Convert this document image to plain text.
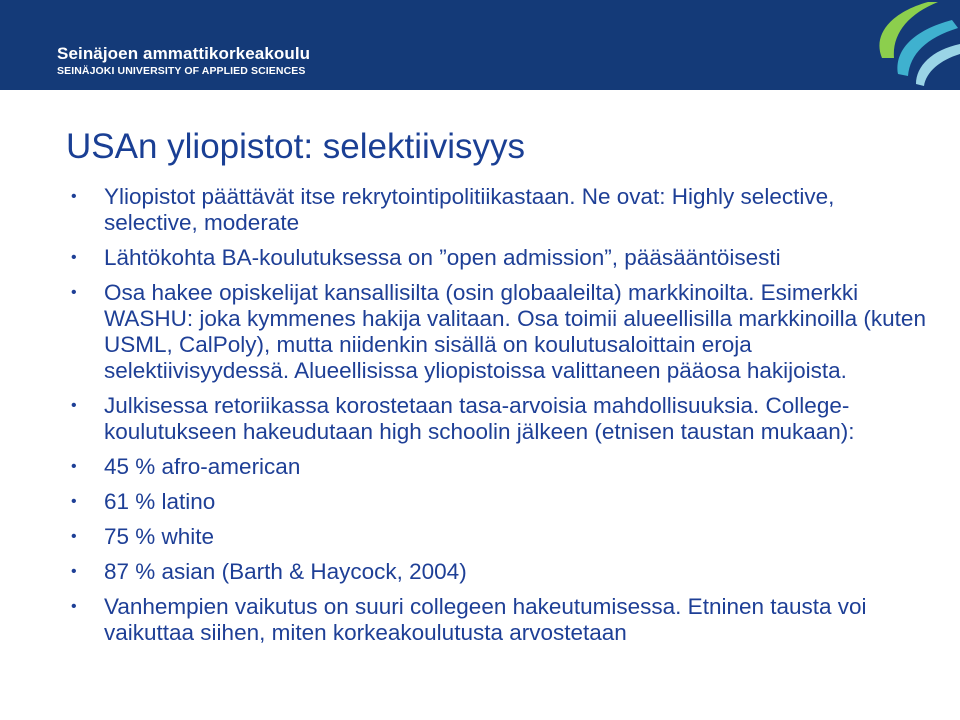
Seinäjoen ammattikorkeakoulu
SEINÄJOKI UNIVERSITY OF APPLIED SCIENCES
USAn yliopistot: selektiivisyys
• Yliopistot päättävät itse rekrytointipolitiikastaan. Ne ovat: Highly selective, selective, moderate
• Lähtökohta BA-koulutuksessa on ”open admission”, pääsääntöisesti
• Osa hakee opiskelijat kansallisilta (osin globaaleilta) markkinoilta. Esimerkki WASHU: joka kymmenes hakija valitaan. Osa toimii alueellisilla markkinoilla (kuten USML, CalPoly), mutta niidenkin sisällä on koulutusaloittain eroja selektiivisyydessä. Alueellisissa yliopistoissa valittaneen pääosa hakijoista.
• Julkisessa retoriikassa korostetaan tasa-arvoisia mahdollisuuksia. College-koulutukseen hakeudutaan high schoolin jälkeen (etnisen taustan mukaan):
• 45 % afro-american
• 61 % latino
• 75 % white
• 87 % asian (Barth & Haycock, 2004)
• Vanhempien vaikutus on suuri collegeen hakeutumisessa. Etninen tausta voi vaikuttaa siihen, miten korkeakoulutusta arvostetaan
